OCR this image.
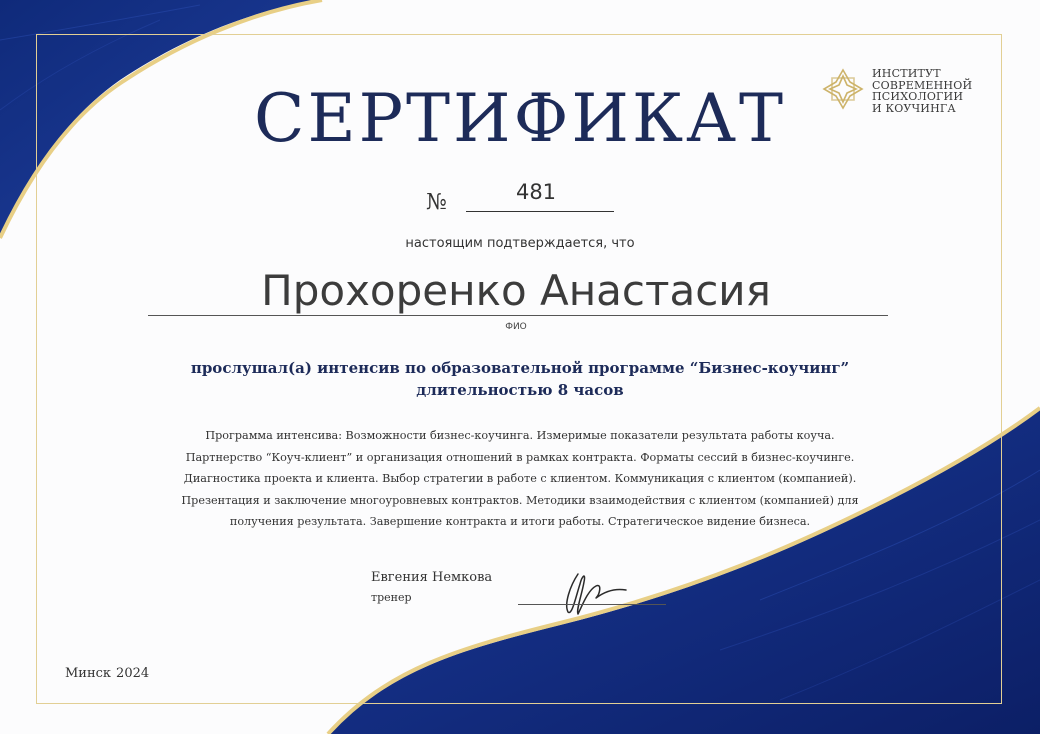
ИНСТИТУТ
СОВРЕМЕННОЙ
ПСИХОЛОГИИ
И КОУЧИНГА
СЕРТИФИКАТ
№	481
настоящим подтверждается, что
Прохоренко Анастасия
ФИО
прослушал(а) интенсив по образовательной программе “Бизнес-коучинг”
длительностью 8 часов
Программа интенсива: Возможности бизнес-коучинга. Измеримые показатели результата работы коуча.
Партнерство “Коуч-клиент” и организация отношений в рамках контракта. Форматы сессий в бизнес-коучинге.
Диагностика проекта и клиента. Выбор стратегии в работе с клиентом. Коммуникация с клиентом (компанией).
Презентация и заключение многоуровневых контрактов. Методики взаимодействия с клиентом (компанией) для
получения результата. Завершение контракта и итоги работы. Стратегическое видение бизнеса.
Евгения Немкова
тренер
Минск 2024
